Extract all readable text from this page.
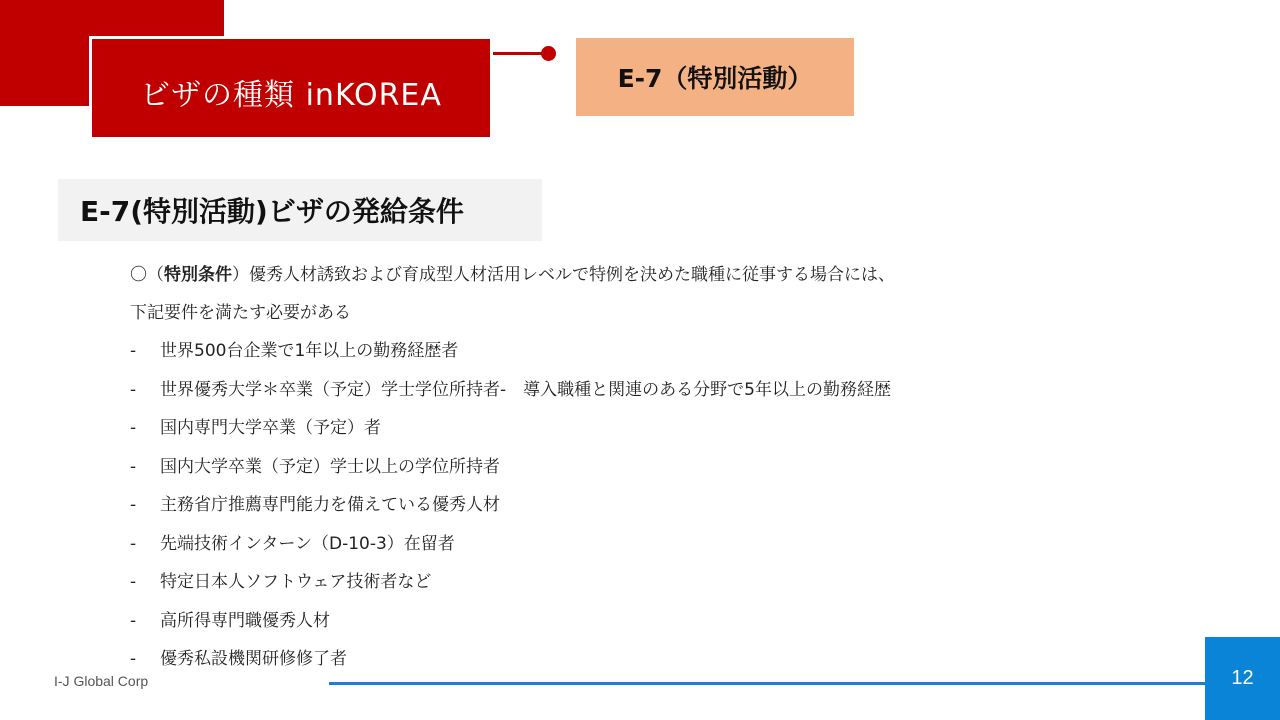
ビザの種類 inKOREA	E-7（特別活動）
E-7(特別活動)ビザの発給条件
〇（特別条件）優秀人材誘致および育成型人材活用レベルで特例を決めた職種に従事する場合には、
下記要件を満たす必要がある
-	世界500台企業で1年以上の勤務経歴者
-	世界優秀大学＊卒業（予定）学士学位所持者-　導入職種と関連のある分野で5年以上の勤務経歴
-	国内専門大学卒業（予定）者
-	国内大学卒業（予定）学士以上の学位所持者
-	主務省庁推薦専門能力を備えている優秀人材
-	先端技術インターン（D-10-3）在留者
-	特定日本人ソフトウェア技術者など
-	高所得専門職優秀人材
-	優秀私設機関研修修了者
I-J Global Corp	12
